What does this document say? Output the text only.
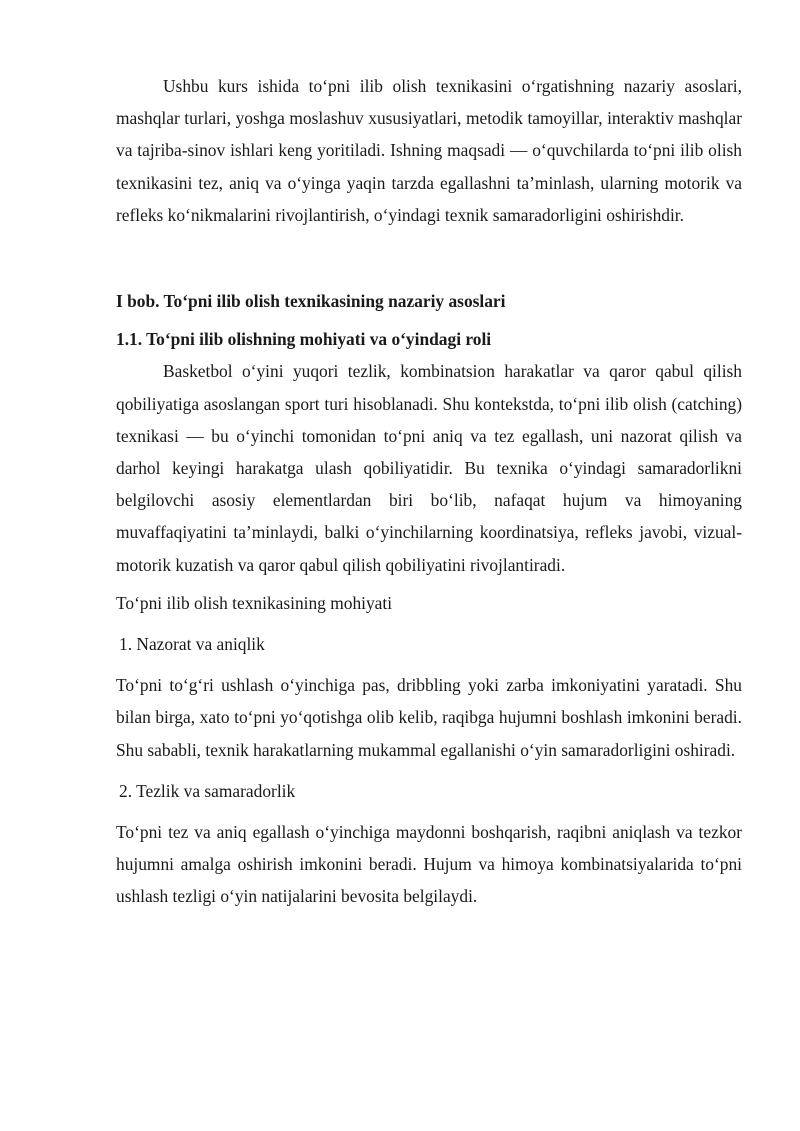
Ushbu kurs ishida to‘pni ilib olish texnikasini o‘rgatishning nazariy asoslari, mashqlar turlari, yoshga moslashuv xususiyatlari, metodik tamoyillar, interaktiv mashqlar va tajriba-sinov ishlari keng yoritiladi. Ishning maqsadi — o‘quvchilarda to‘pni ilib olish texnikasini tez, aniq va o‘yinga yaqin tarzda egallashni ta’minlash, ularning motorik va refleks ko‘nikmalarini rivojlantirish, o‘yindagi texnik samaradorligini oshirishdir.

I bob. To‘pni ilib olish texnikasining nazariy asoslari
1.1. To‘pni ilib olishning mohiyati va o‘yindagi roli

Basketbol o‘yini yuqori tezlik, kombinatsion harakatlar va qaror qabul qilish qobiliyatiga asoslangan sport turi hisoblanadi. Shu kontekstda, to‘pni ilib olish (catching) texnikasi — bu o‘yinchi tomonidan to‘pni aniq va tez egallash, uni nazorat qilish va darhol keyingi harakatga ulash qobiliyatidir. Bu texnika o‘yindagi samaradorlikni belgilovchi asosiy elementlardan biri bo‘lib, nafaqat hujum va himoyaning muvaffaqiyatini ta’minlaydi, balki o‘yinchilarning koordinatsiya, refleks javobi, vizual-motorik kuzatish va qaror qabul qilish qobiliyatini rivojlantiradi.

To‘pni ilib olish texnikasining mohiyati

1. Nazorat va aniqlik

To‘pni to‘g‘ri ushlash o‘yinchiga pas, dribbling yoki zarba imkoniyatini yaratadi. Shu bilan birga, xato to‘pni yo‘qotishga olib kelib, raqibga hujumni boshlash imkonini beradi. Shu sababli, texnik harakatlarning mukammal egallanishi o‘yin samaradorligini oshiradi.

2. Tezlik va samaradorlik

To‘pni tez va aniq egallash o‘yinchiga maydonni boshqarish, raqibni aniqlash va tezkor hujumni amalga oshirish imkonini beradi. Hujum va himoya kombinatsiyalarida to‘pni ushlash tezligi o‘yin natijalarini bevosita belgilaydi.
